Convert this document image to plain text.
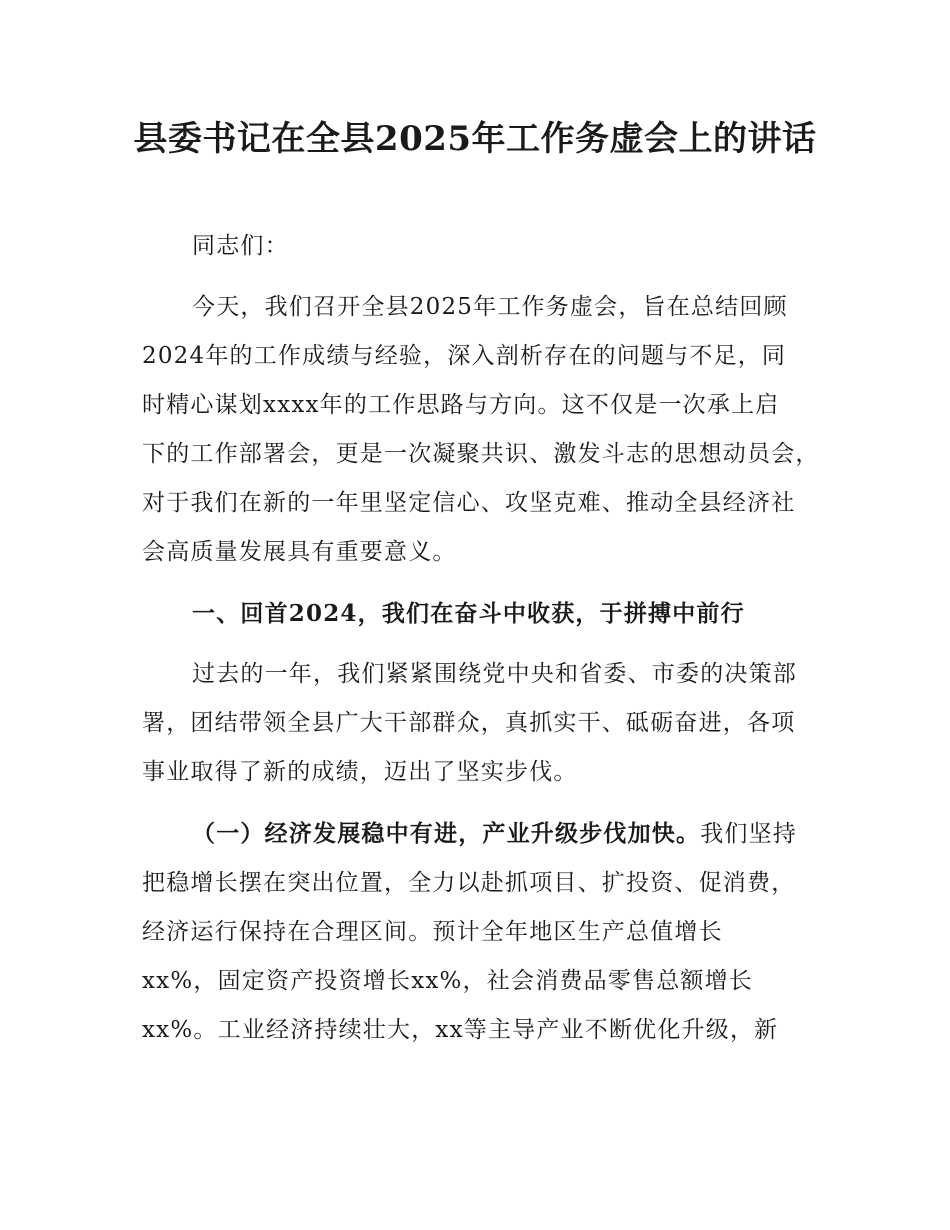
县委书记在全县2025年工作务虚会上的讲话

同志们：

今天，我们召开全县2025年工作务虚会，旨在总结回顾
2024年的工作成绩与经验，深入剖析存在的问题与不足，同
时精心谋划xxxx年的工作思路与方向。这不仅是一次承上启
下的工作部署会，更是一次凝聚共识、激发斗志的思想动员会，
对于我们在新的一年里坚定信心、攻坚克难、推动全县经济社
会高质量发展具有重要意义。

一、回首2024，我们在奋斗中收获，于拼搏中前行

过去的一年，我们紧紧围绕党中央和省委、市委的决策部
署，团结带领全县广大干部群众，真抓实干、砥砺奋进，各项
事业取得了新的成绩，迈出了坚实步伐。

（一）经济发展稳中有进，产业升级步伐加快。我们坚持
把稳增长摆在突出位置，全力以赴抓项目、扩投资、促消费，
经济运行保持在合理区间。预计全年地区生产总值增长
xx%，固定资产投资增长xx%，社会消费品零售总额增长
xx%。工业经济持续壮大，xx等主导产业不断优化升级，新
